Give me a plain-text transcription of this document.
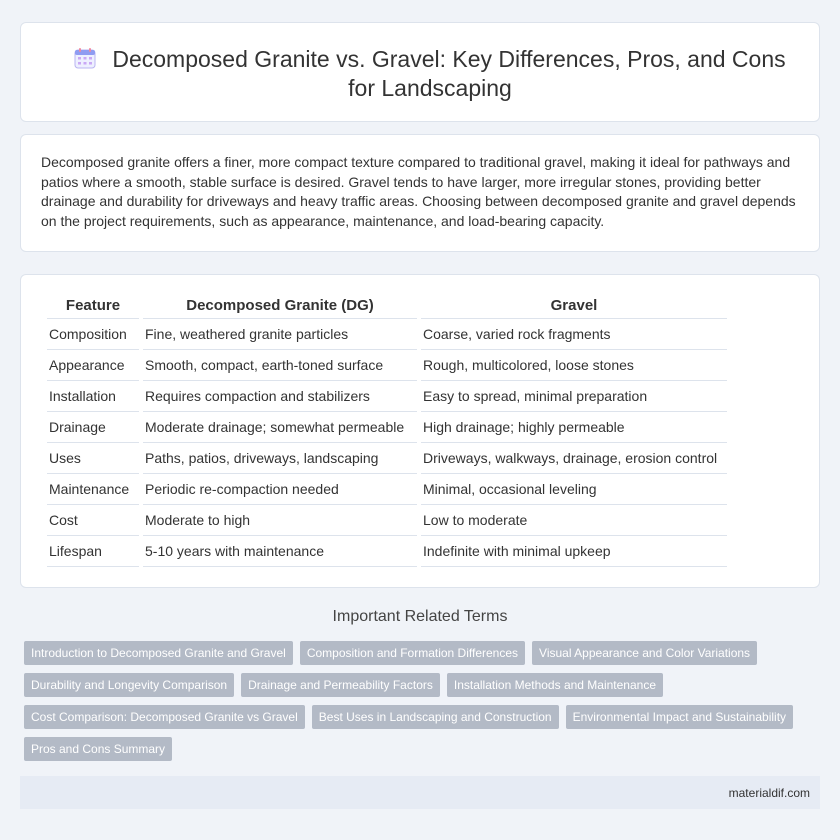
Decomposed Granite vs. Gravel: Key Differences, Pros, and Cons for Landscaping

Decomposed granite offers a finer, more compact texture compared to traditional gravel, making it ideal for pathways and patios where a smooth, stable surface is desired. Gravel tends to have larger, more irregular stones, providing better drainage and durability for driveways and heavy traffic areas. Choosing between decomposed granite and gravel depends on the project requirements, such as appearance, maintenance, and load-bearing capacity.

Feature	Decomposed Granite (DG)	Gravel
Composition	Fine, weathered granite particles	Coarse, varied rock fragments
Appearance	Smooth, compact, earth-toned surface	Rough, multicolored, loose stones
Installation	Requires compaction and stabilizers	Easy to spread, minimal preparation
Drainage	Moderate drainage; somewhat permeable	High drainage; highly permeable
Uses	Paths, patios, driveways, landscaping	Driveways, walkways, drainage, erosion control
Maintenance	Periodic re-compaction needed	Minimal, occasional leveling
Cost	Moderate to high	Low to moderate
Lifespan	5-10 years with maintenance	Indefinite with minimal upkeep
Important Related Terms
Introduction to Decomposed Granite and Gravel	Composition and Formation Differences	Visual Appearance and Color Variations
Durability and Longevity Comparison	Drainage and Permeability Factors	Installation Methods and Maintenance
Cost Comparison: Decomposed Granite vs Gravel	Best Uses in Landscaping and Construction	Environmental Impact and Sustainability
Pros and Cons Summary
materialdif.com
